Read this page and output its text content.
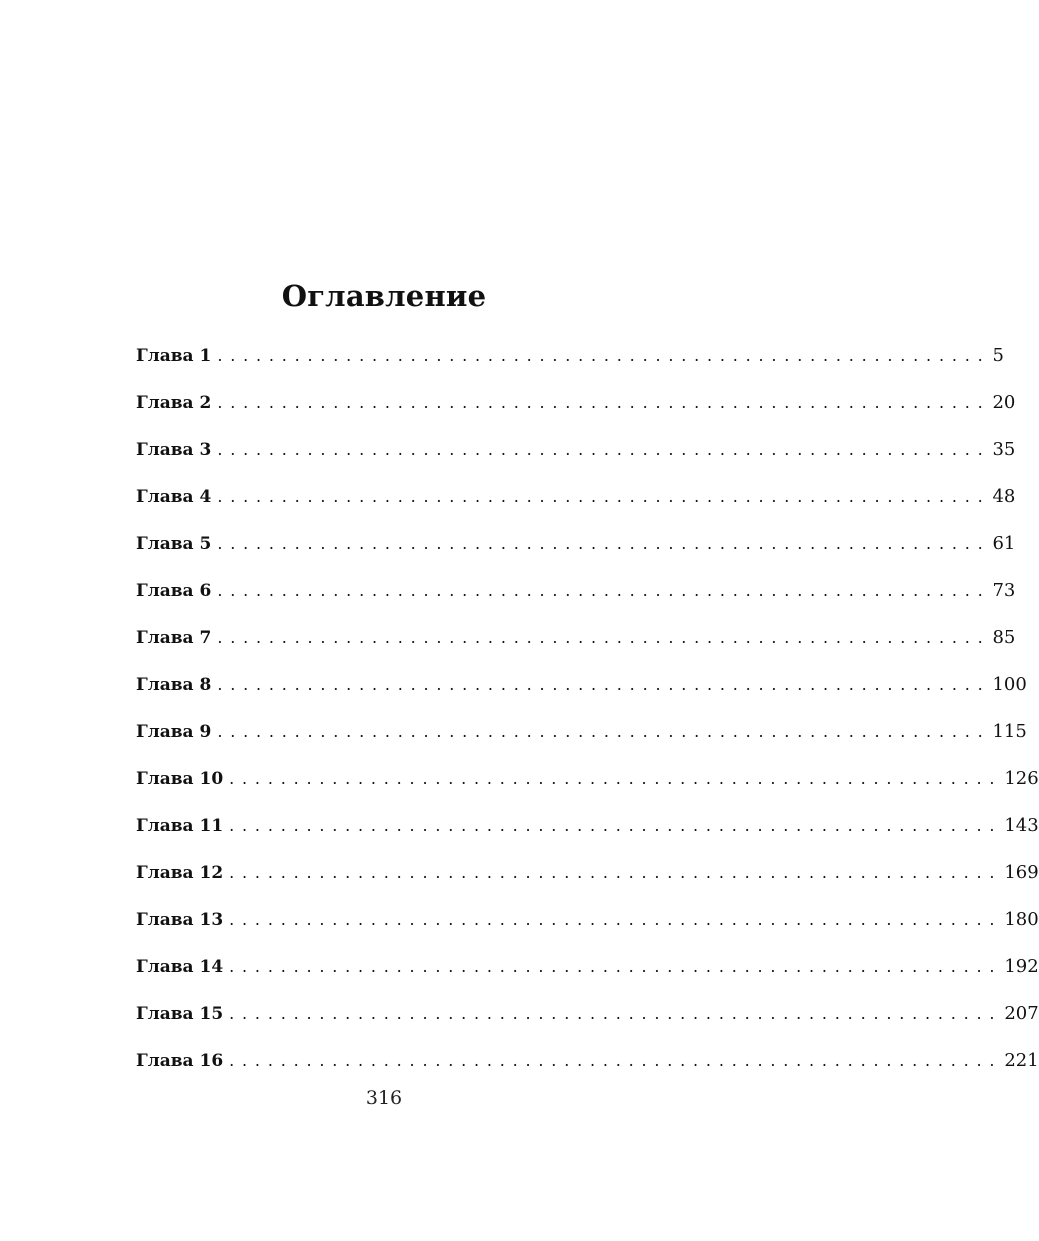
Оглавление
Глава 1 ............................................................ 5
Глава 2 ............................................................ 20
Глава 3 ............................................................ 35
Глава 4 ............................................................ 48
Глава 5 ............................................................ 61
Глава 6 ............................................................ 73
Глава 7 ............................................................ 85
Глава 8 ............................................................ 100
Глава 9 ............................................................ 115
Глава 10 ............................................................ 126
Глава 11 ............................................................ 143
Глава 12 ............................................................ 169
Глава 13 ............................................................ 180
Глава 14 ............................................................ 192
Глава 15 ............................................................ 207
Глава 16 ............................................................ 221
316
